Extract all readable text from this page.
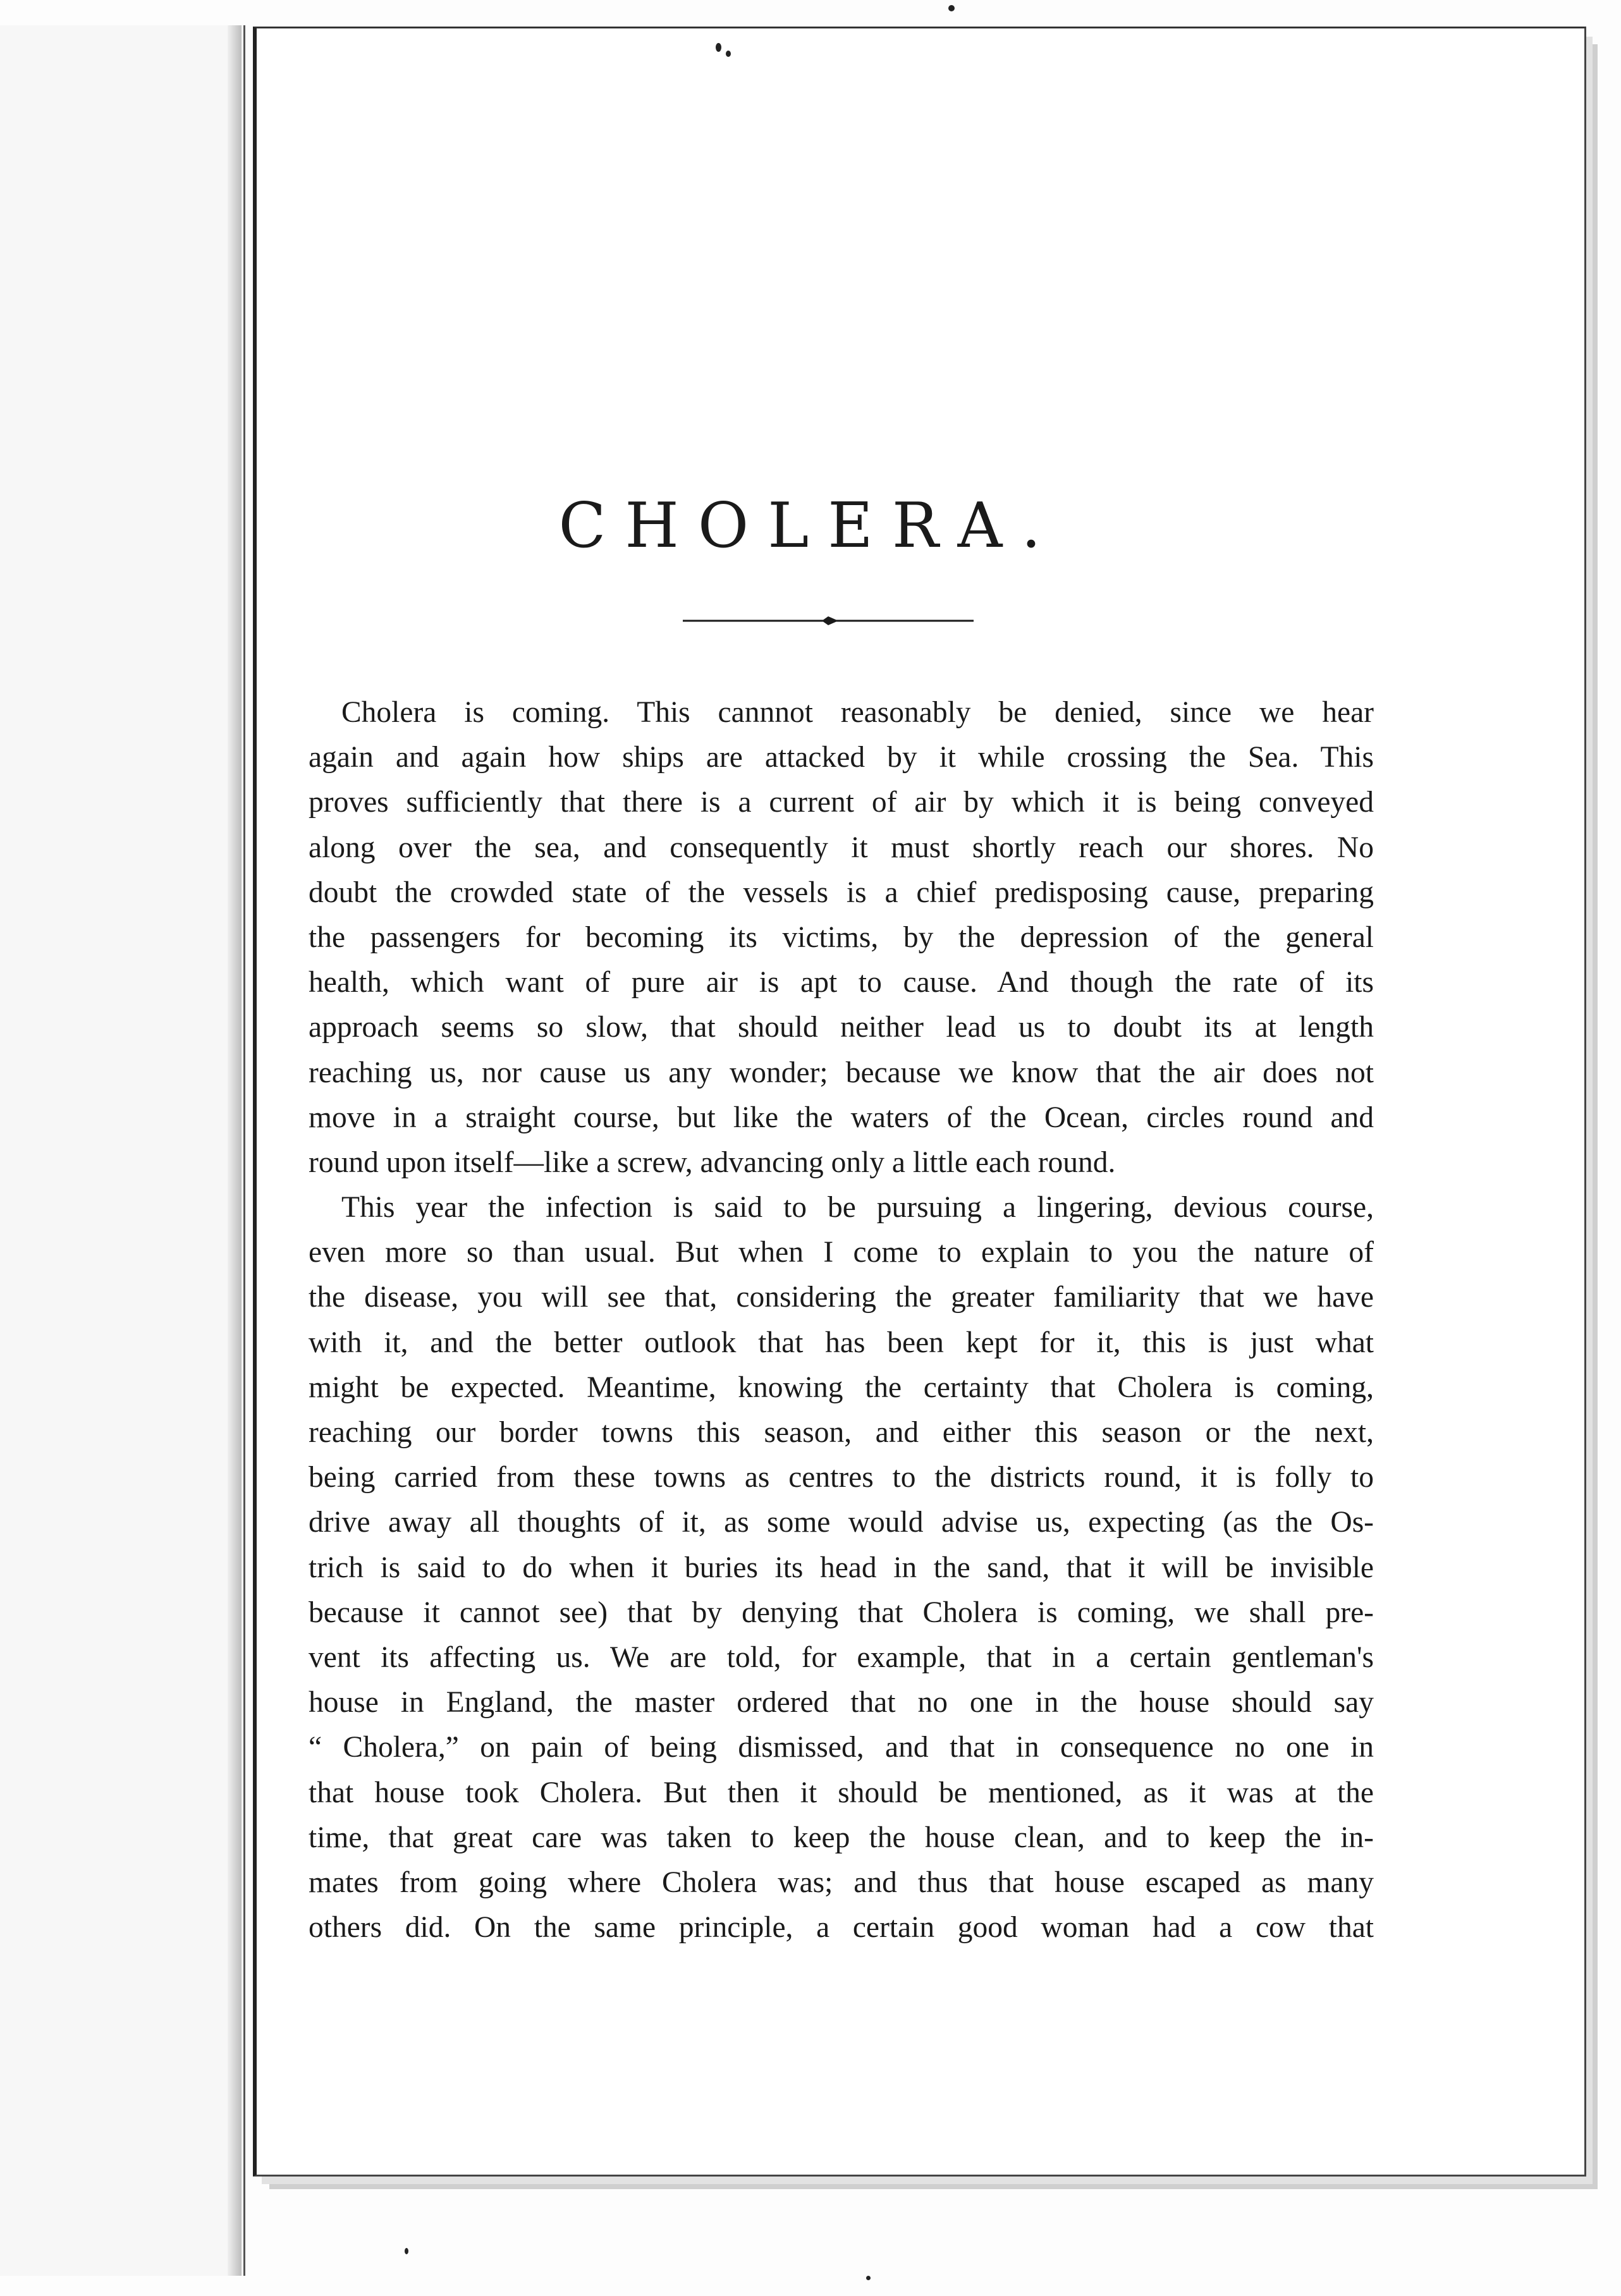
CHOLERA.
Cholera is coming. This cannnot reasonably be denied, since we hear
again and again how ships are attacked by it while crossing the Sea. This
proves sufficiently that there is a current of air by which it is being conveyed
along over the sea, and consequently it must shortly reach our shores. No
doubt the crowded state of the vessels is a chief predisposing cause, preparing
the passengers for becoming its victims, by the depression of the general
health, which want of pure air is apt to cause. And though the rate of its
approach seems so slow, that should neither lead us to doubt its at length
reaching us, nor cause us any wonder; because we know that the air does not
move in a straight course, but like the waters of the Ocean, circles round and
round upon itself—like a screw, advancing only a little each round.
This year the infection is said to be pursuing a lingering, devious course,
even more so than usual. But when I come to explain to you the nature of
the disease, you will see that, considering the greater familiarity that we have
with it, and the better outlook that has been kept for it, this is just what
might be expected. Meantime, knowing the certainty that Cholera is coming,
reaching our border towns this season, and either this season or the next,
being carried from these towns as centres to the districts round, it is folly to
drive away all thoughts of it, as some would advise us, expecting (as the Os-
trich is said to do when it buries its head in the sand, that it will be invisible
because it cannot see) that by denying that Cholera is coming, we shall pre-
vent its affecting us. We are told, for example, that in a certain gentleman's
house in England, the master ordered that no one in the house should say
“ Cholera,” on pain of being dismissed, and that in consequence no one in
that house took Cholera. But then it should be mentioned, as it was at the
time, that great care was taken to keep the house clean, and to keep the in-
mates from going where Cholera was; and thus that house escaped as many
others did. On the same principle, a certain good woman had a cow that
